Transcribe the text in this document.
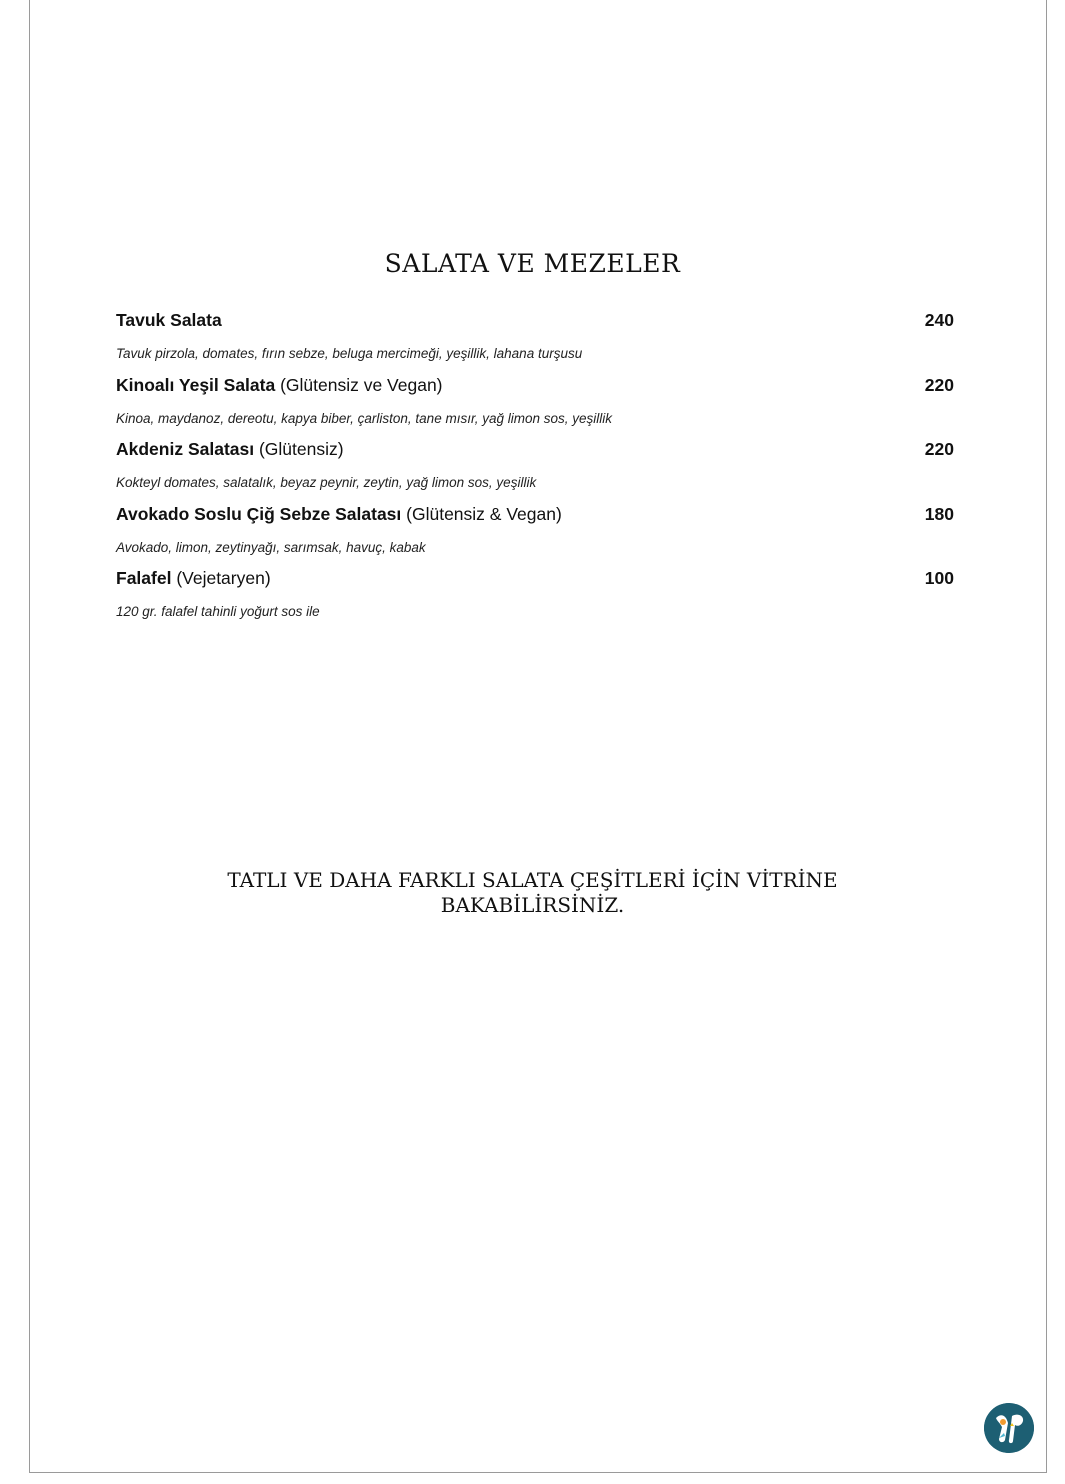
SALATA VE MEZELER
Tavuk Salata	240
Tavuk pirzola, domates, fırın sebze, beluga mercimeği, yeşillik, lahana turşusu
Kinoalı Yeşil Salata (Glütensiz ve Vegan)	220
Kinoa, maydanoz, dereotu, kapya biber, çarliston, tane mısır, yağ limon sos, yeşillik
Akdeniz Salatası (Glütensiz)	220
Kokteyl domates, salatalık, beyaz peynir, zeytin, yağ limon sos, yeşillik
Avokado Soslu Çiğ Sebze Salatası (Glütensiz & Vegan)	180
Avokado, limon, zeytinyağı, sarımsak, havuç, kabak
Falafel (Vejetaryen)	100
120 gr. falafel tahinli yoğurt sos ile
TATLI VE DAHA FARKLI SALATA ÇEŞİTLERİ İÇİN VİTRİNE
BAKABİLİRSİNİZ.
